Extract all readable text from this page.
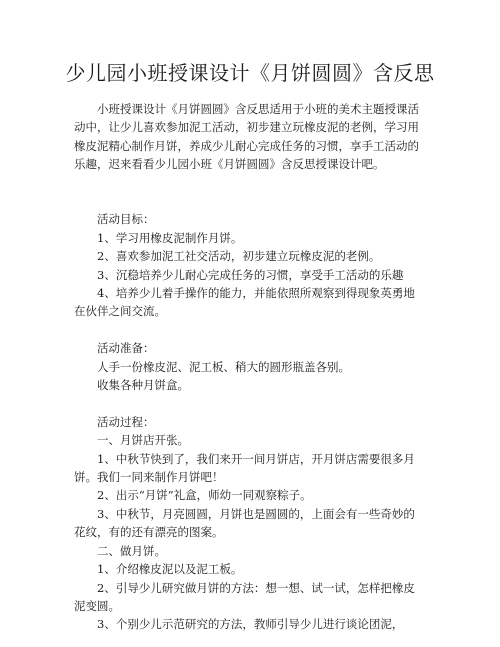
少儿园小班授课设计《月饼圆圆》含反思

小班授课设计《月饼圆圆》含反思适用于小班的美术主题授课活动中，让少儿喜欢参加泥工活动，初步建立玩橡皮泥的老例，学习用橡皮泥精心制作月饼，养成少儿耐心完成任务的习惯，享手工活动的乐趣，迟来看看少儿园小班《月饼圆圆》含反思授课设计吧。

活动目标：

1、学习用橡皮泥制作月饼。

2、喜欢参加泥工社交活动，初步建立玩橡皮泥的老例。

3、沉稳培养少儿耐心完成任务的习惯，享受手工活动的乐趣

4、培养少儿着手操作的能力，并能依照所观察到得现象英勇地在伙伴之间交流。

活动准备：

人手一份橡皮泥、泥工板、稍大的圆形瓶盖各别。

收集各种月饼盒。

活动过程：

一、月饼店开张。

1、中秋节快到了，我们来开一间月饼店，开月饼店需要很多月饼。我们一同来制作月饼吧！

2、出示“月饼”礼盒，师幼一同观察粽子。

3、中秋节，月亮圆圆，月饼也是圆圆的，上面会有一些奇妙的花纹，有的还有漂亮的图案。

二、做月饼。

1、介绍橡皮泥以及泥工板。

2、引导少儿研究做月饼的方法：想一想、试一试，怎样把橡皮泥变圆。

3、个别少儿示范研究的方法，教师引导少儿进行谈论团泥，
